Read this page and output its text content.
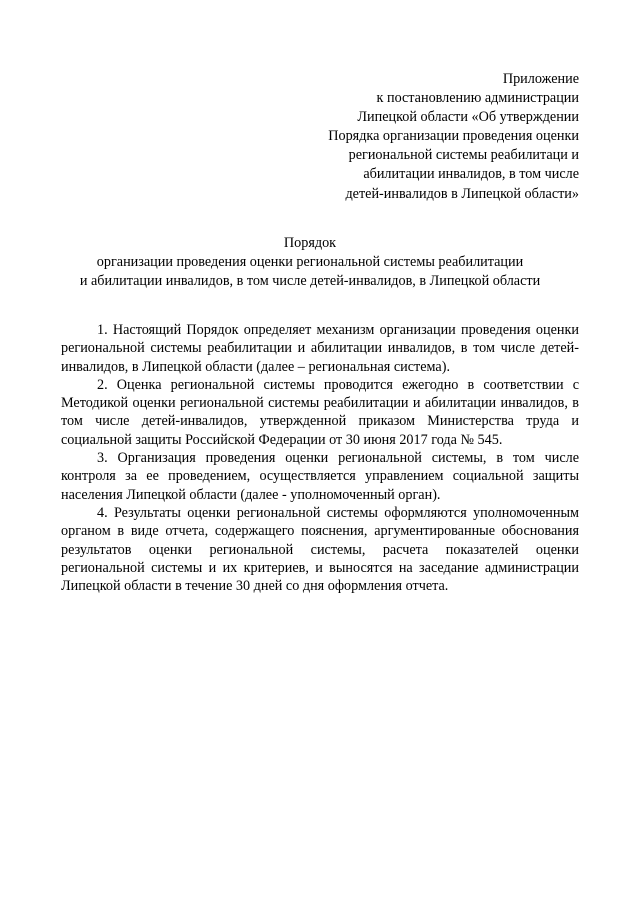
Приложение
к постановлению администрации
Липецкой области «Об утверждении
Порядка организации проведения оценки
региональной системы реабилитаци и
абилитации инвалидов, в том числе
детей-инвалидов в Липецкой области»
Порядок
организации проведения оценки региональной системы реабилитации
и абилитации инвалидов, в том числе детей-инвалидов, в Липецкой области

1. Настоящий Порядок определяет механизм организации проведения оценки региональной системы реабилитации и абилитации инвалидов, в том числе детей-инвалидов, в Липецкой области (далее – региональная система).

2. Оценка региональной системы проводится ежегодно в соответствии с Методикой оценки региональной системы реабилитации и абилитации инвалидов, в том числе детей-инвалидов, утвержденной приказом Министерства труда и социальной защиты Российской Федерации от 30 июня 2017 года № 545.

3. Организация проведения оценки региональной системы, в том числе контроля за ее проведением, осуществляется управлением социальной защиты населения Липецкой области (далее - уполномоченный орган).

4. Результаты оценки региональной системы оформляются уполномоченным органом в виде отчета, содержащего пояснения, аргументированные обоснования результатов оценки региональной системы, расчета показателей оценки региональной системы и их критериев, и выносятся на заседание администрации Липецкой области в течение 30 дней со дня оформления отчета.
